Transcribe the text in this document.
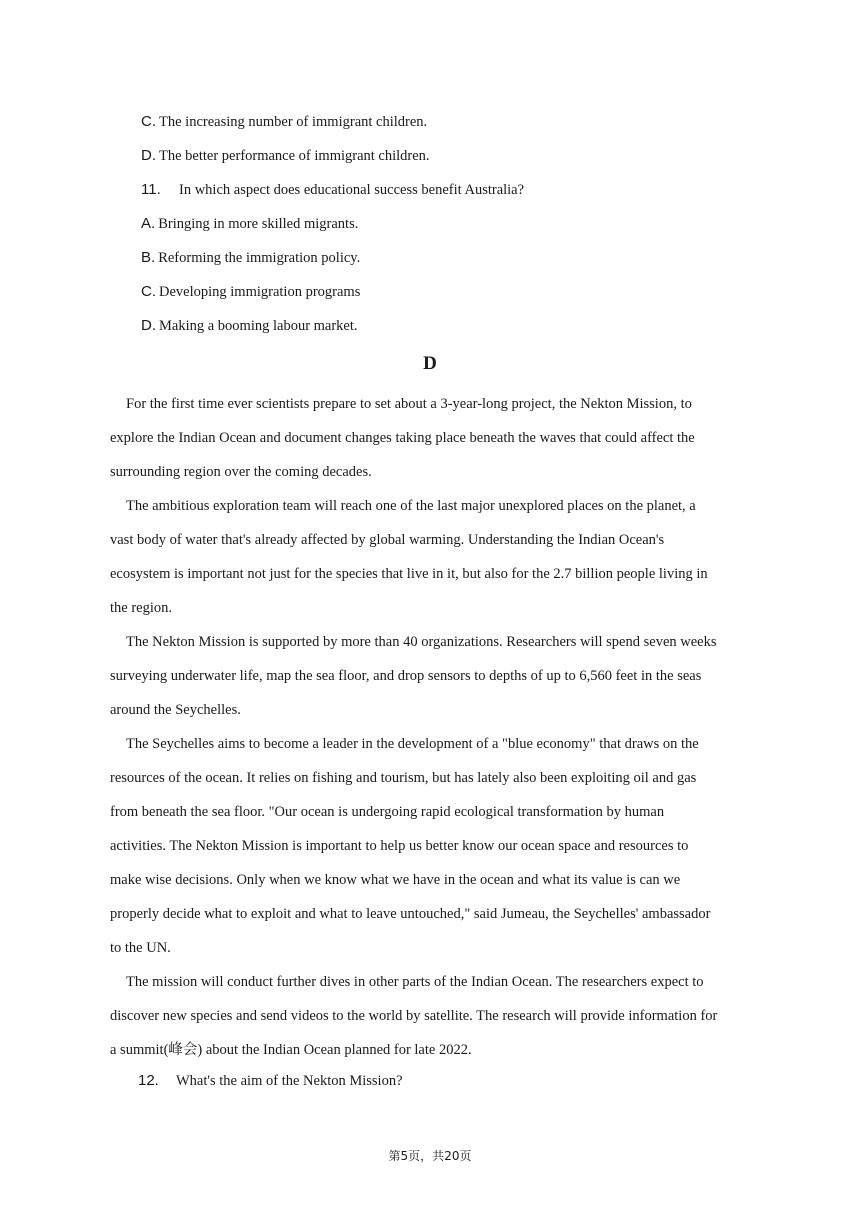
C. The increasing number of immigrant children.
D. The better performance of immigrant children.
11. In which aspect does educational success benefit Australia?
A. Bringing in more skilled migrants.
B. Reforming the immigration policy.
C. Developing immigration programs
D. Making a booming labour market.
D
For the first time ever scientists prepare to set about a 3-year-long project, the Nekton Mission, to
explore the Indian Ocean and document changes taking place beneath the waves that could affect the
surrounding region over the coming decades.
The ambitious exploration team will reach one of the last major unexplored places on the planet, a
vast body of water that's already affected by global warming. Understanding the Indian Ocean's
ecosystem is important not just for the species that live in it, but also for the 2.7 billion people living in
the region.
The Nekton Mission is supported by more than 40 organizations. Researchers will spend seven weeks
surveying underwater life, map the sea floor, and drop sensors to depths of up to 6,560 feet in the seas
around the Seychelles.
The Seychelles aims to become a leader in the development of a "blue economy" that draws on the
resources of the ocean. It relies on fishing and tourism, but has lately also been exploiting oil and gas
from beneath the sea floor. "Our ocean is undergoing rapid ecological transformation by human
activities. The Nekton Mission is important to help us better know our ocean space and resources to
make wise decisions. Only when we know what we have in the ocean and what its value is can we
properly decide what to exploit and what to leave untouched," said Jumeau, the Seychelles' ambassador
to the UN.
The mission will conduct further dives in other parts of the Indian Ocean. The researchers expect to
discover new species and send videos to the world by satellite. The research will provide information for
a summit(峰会) about the Indian Ocean planned for late 2022.
12. What's the aim of the Nekton Mission?
第5页，共20页
